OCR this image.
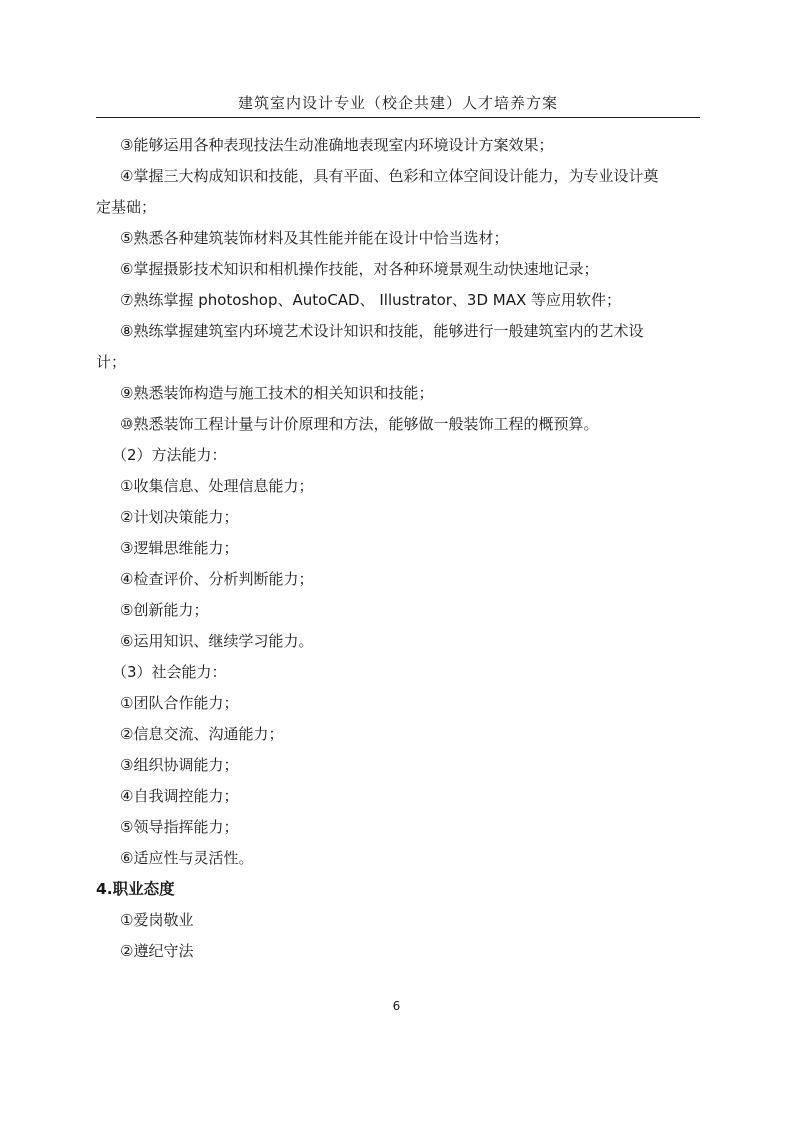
建筑室内设计专业（校企共建）人才培养方案
③能够运用各种表现技法生动准确地表现室内环境设计方案效果；
④掌握三大构成知识和技能，具有平面、色彩和立体空间设计能力，为专业设计奠
定基础；
⑤熟悉各种建筑装饰材料及其性能并能在设计中恰当选材；
⑥掌握摄影技术知识和相机操作技能，对各种环境景观生动快速地记录；
⑦熟练掌握 photoshop、AutoCAD、 Illustrator、3D MAX 等应用软件；
⑧熟练掌握建筑室内环境艺术设计知识和技能，能够进行一般建筑室内的艺术设
计；
⑨熟悉装饰构造与施工技术的相关知识和技能；
⑩熟悉装饰工程计量与计价原理和方法，能够做一般装饰工程的概预算。
（2）方法能力：
①收集信息、处理信息能力；
②计划决策能力；
③逻辑思维能力；
④检查评价、分析判断能力；
⑤创新能力；
⑥运用知识、继续学习能力。
（3）社会能力：
①团队合作能力；
②信息交流、沟通能力；
③组织协调能力；
④自我调控能力；
⑤领导指挥能力；
⑥适应性与灵活性。
4.职业态度
①爱岗敬业
②遵纪守法
6
